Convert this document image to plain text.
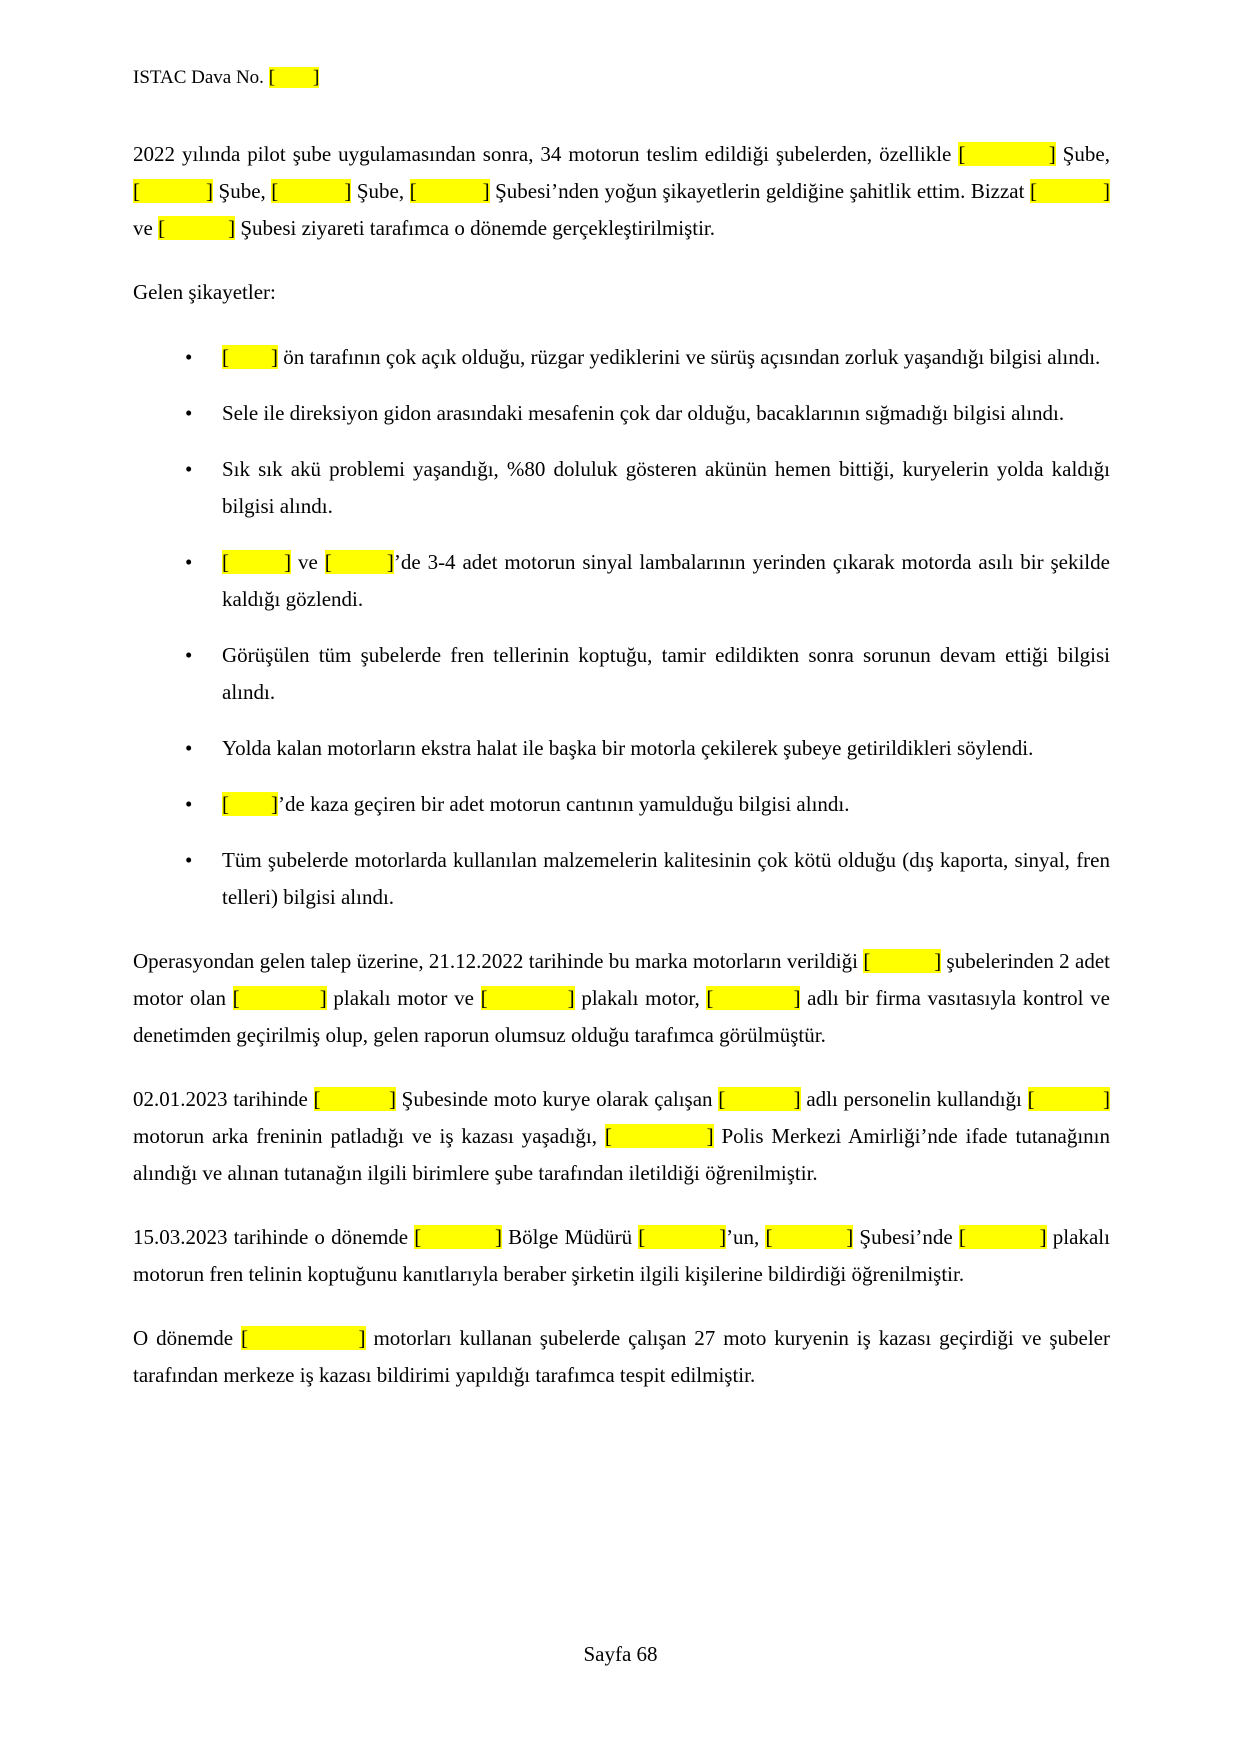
ISTAC Dava No. [        ]

2022 yılında pilot şube uygulamasından sonra, 34 motorun teslim edildiği şubelerden, özellikle [            ] Şube, [            ] Şube, [            ] Şube, [            ] Şubesi’nden yoğun şikayetlerin geldiğine şahitlik ettim. Bizzat [            ] ve [            ] Şubesi ziyareti tarafımca o dönemde gerçekleştirilmiştir.

Gelen şikayetler:

• [        ] ön tarafının çok açık olduğu, rüzgar yediklerini ve sürüş açısından zorluk yaşandığı bilgisi alındı.
• Sele ile direksiyon gidon arasındaki mesafenin çok dar olduğu, bacaklarının sığmadığı bilgisi alındı.
• Sık sık akü problemi yaşandığı, %80 doluluk gösteren akünün hemen bittiği, kuryelerin yolda kaldığı bilgisi alındı.
• [        ] ve [        ]’de 3-4 adet motorun sinyal lambalarının yerinden çıkarak motorda asılı bir şekilde kaldığı gözlendi.
• Görüşülen tüm şubelerde fren tellerinin koptuğu, tamir edildikten sonra sorunun devam ettiği bilgisi alındı.
• Yolda kalan motorların ekstra halat ile başka bir motorla çekilerek şubeye getirildikleri söylendi.
• [        ]’de kaza geçiren bir adet motorun cantının yamulduğu bilgisi alındı.
• Tüm şubelerde motorlarda kullanılan malzemelerin kalitesinin çok kötü olduğu (dış kaporta, sinyal, fren telleri) bilgisi alındı.

Operasyondan gelen talep üzerine, 21.12.2022 tarihinde bu marka motorların verildiği [            ] şubelerinden 2 adet motor olan [            ] plakalı motor ve [            ] plakalı motor, [            ] adlı bir firma vasıtasıyla kontrol ve denetimden geçirilmiş olup, gelen raporun olumsuz olduğu tarafımca görülmüştür.

02.01.2023 tarihinde [            ] Şubesinde moto kurye olarak çalışan [            ] adlı personelin kullandığı [            ] motorun arka freninin patladığı ve iş kazası yaşadığı, [            ] Polis Merkezi Amirliği’nde ifade tutanağının alındığı ve alınan tutanağın ilgili birimlere şube tarafından iletildiği öğrenilmiştir.

15.03.2023 tarihinde o dönemde [            ] Bölge Müdürü [            ]’un, [            ] Şubesi’nde [            ] plakalı motorun fren telinin koptuğunu kanıtlarıyla beraber şirketin ilgili kişilerine bildirdiği öğrenilmiştir.

O dönemde [              ] motorları kullanan şubelerde çalışan 27 moto kuryenin iş kazası geçirdiği ve şubeler tarafından merkeze iş kazası bildirimi yapıldığı tarafımca tespit edilmiştir.

Sayfa 68
